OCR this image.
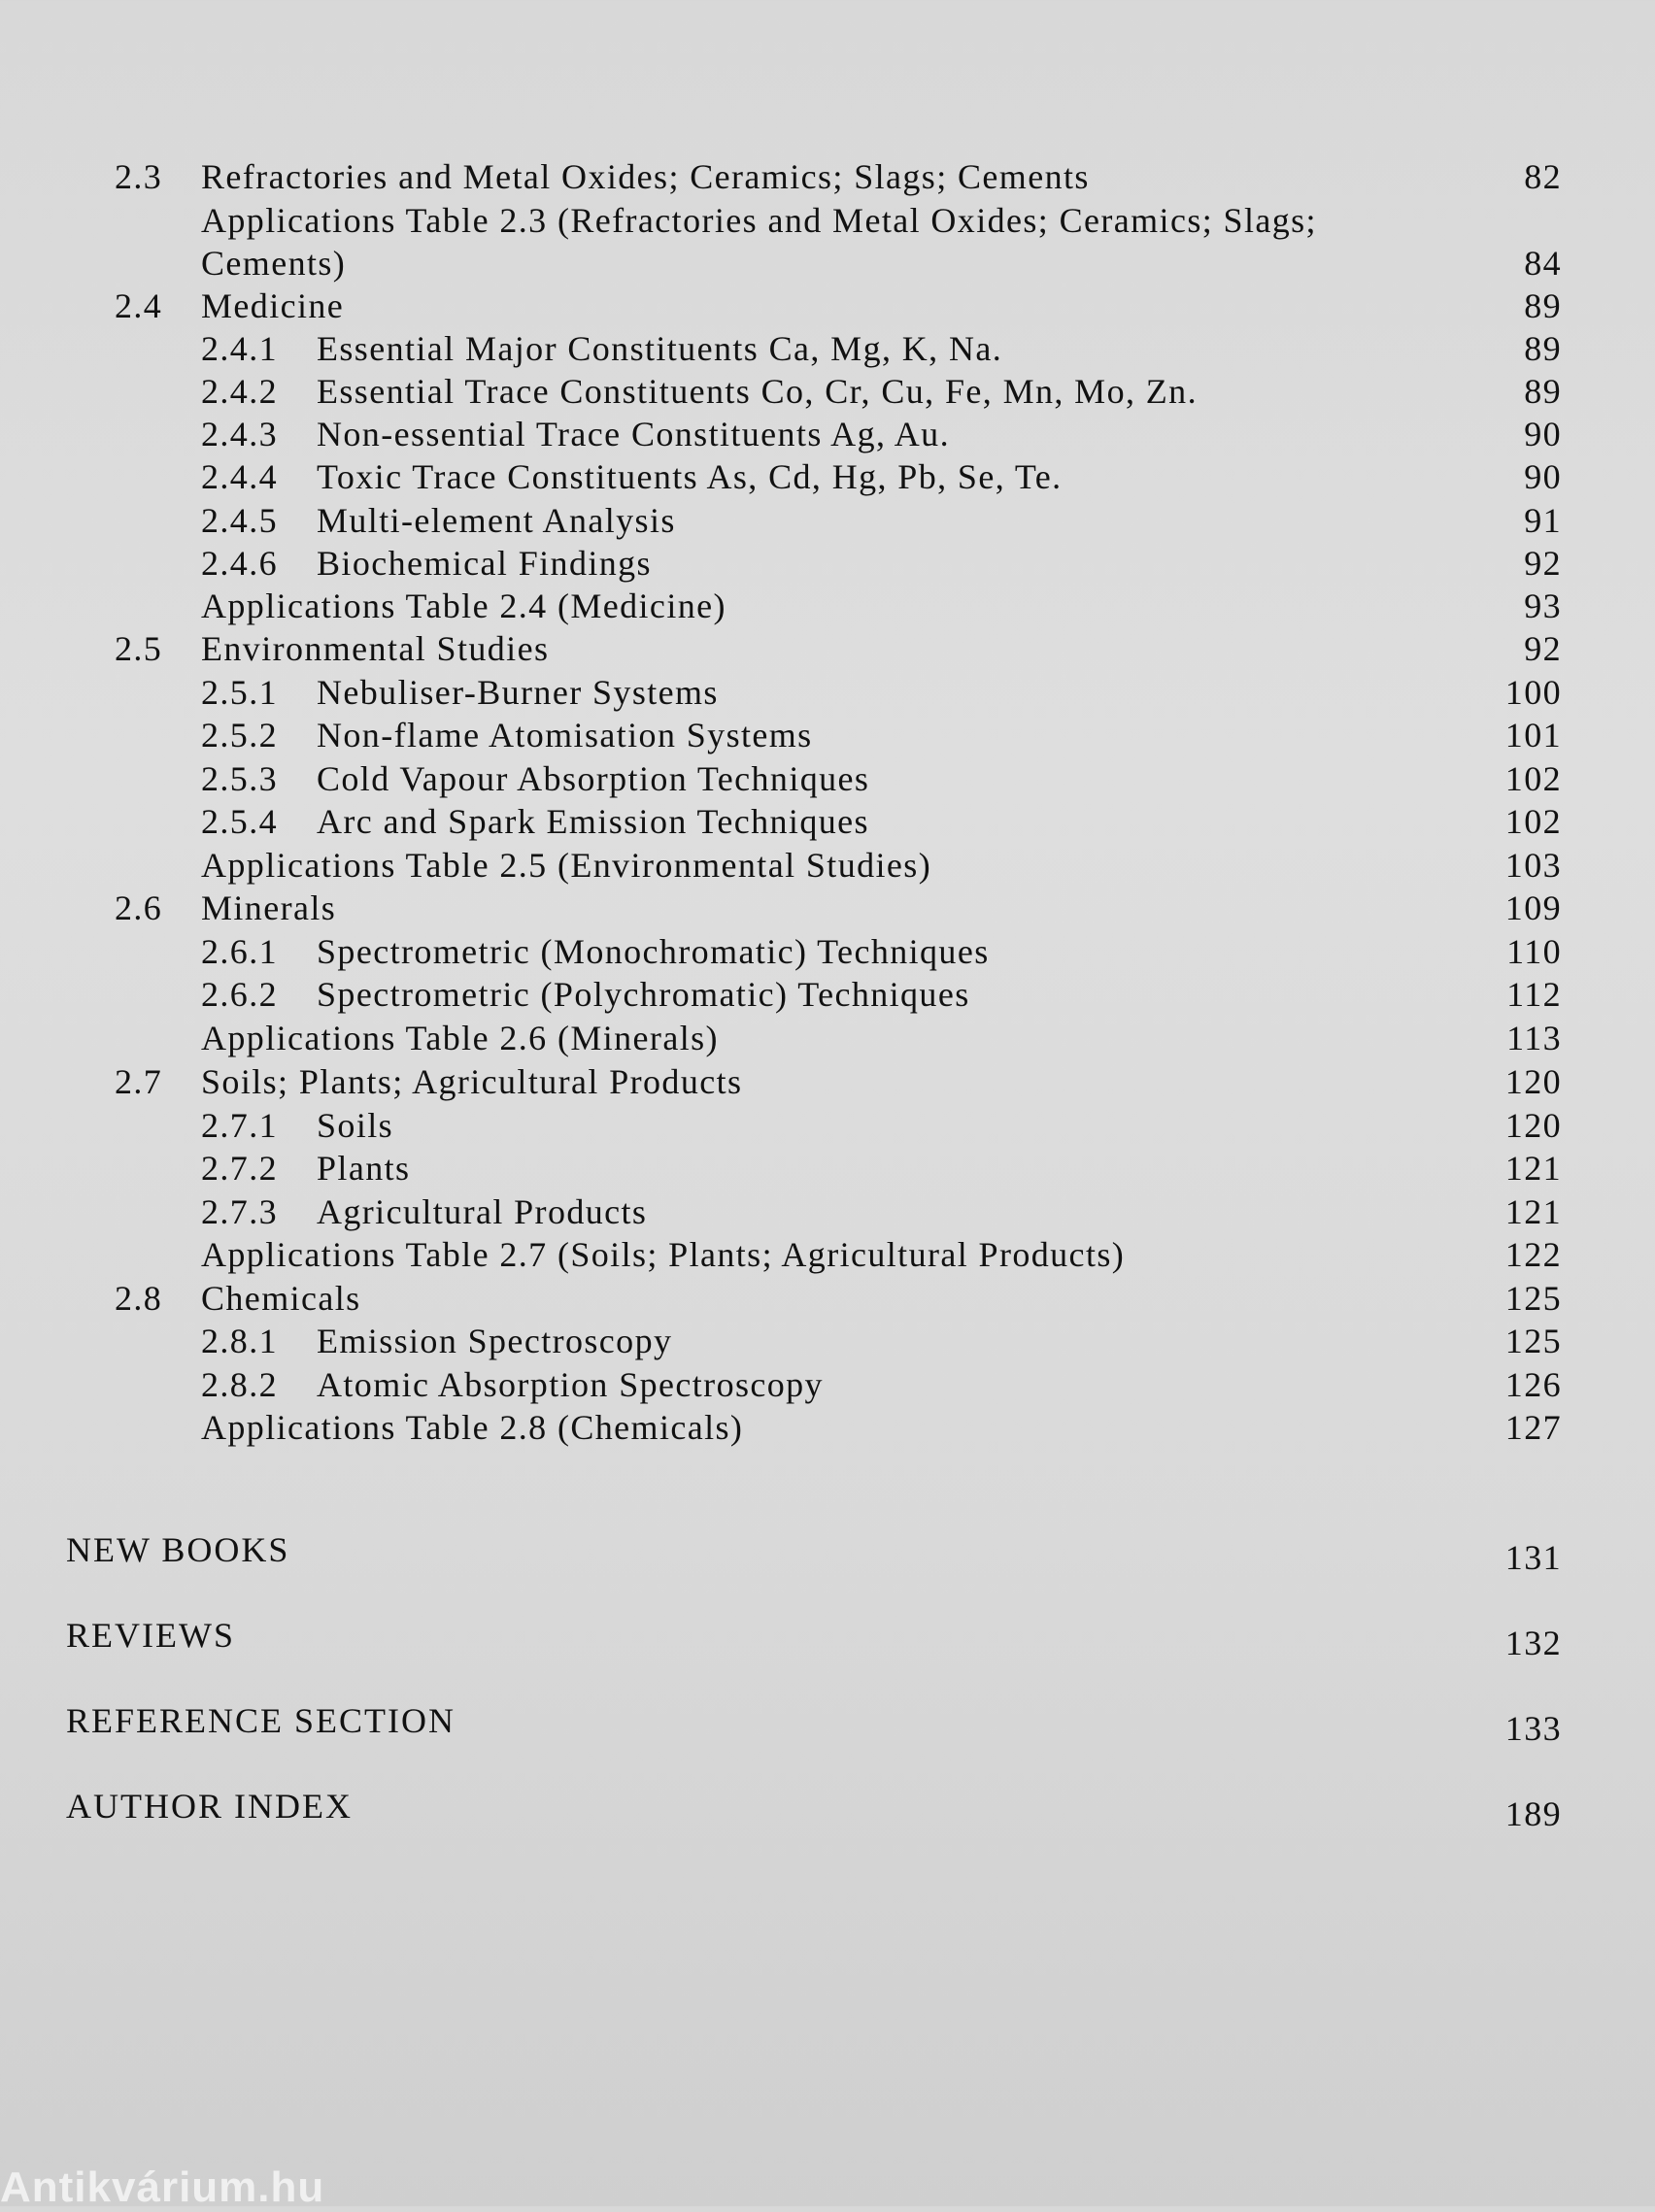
2.3 Refractories and Metal Oxides; Ceramics; Slags; Cements	82
Applications Table 2.3 (Refractories and Metal Oxides; Ceramics; Slags;
Cements)	84
2.4 Medicine	89
2.4.1 Essential Major Constituents Ca, Mg, K, Na.	89
2.4.2 Essential Trace Constituents Co, Cr, Cu, Fe, Mn, Mo, Zn.	89
2.4.3 Non-essential Trace Constituents Ag, Au.	90
2.4.4 Toxic Trace Constituents As, Cd, Hg, Pb, Se, Te.	90
2.4.5 Multi-element Analysis	91
2.4.6 Biochemical Findings	92
Applications Table 2.4 (Medicine)	93
2.5 Environmental Studies	92
2.5.1 Nebuliser-Burner Systems	100
2.5.2 Non-flame Atomisation Systems	101
2.5.3 Cold Vapour Absorption Techniques	102
2.5.4 Arc and Spark Emission Techniques	102
Applications Table 2.5 (Environmental Studies)	103
2.6 Minerals	109
2.6.1 Spectrometric (Monochromatic) Techniques	110
2.6.2 Spectrometric (Polychromatic) Techniques	112
Applications Table 2.6 (Minerals)	113
2.7 Soils; Plants; Agricultural Products	120
2.7.1 Soils	120
2.7.2 Plants	121
2.7.3 Agricultural Products	121
Applications Table 2.7 (Soils; Plants; Agricultural Products)	122
2.8 Chemicals	125
2.8.1 Emission Spectroscopy	125
2.8.2 Atomic Absorption Spectroscopy	126
Applications Table 2.8 (Chemicals)	127
NEW BOOKS	131
REVIEWS	132
REFERENCE SECTION	133
AUTHOR INDEX	189
Antikvárium.hu
